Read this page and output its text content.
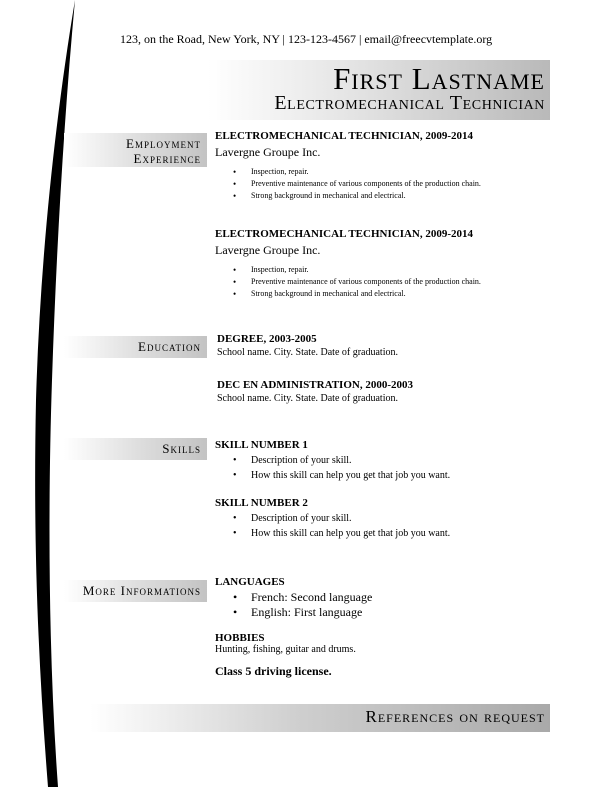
123, on the Road, New York, NY | 123-123-4567 | email@freecvtemplate.org
First Lastname
Electromechanical Technician
Employment
Experience
ELECTROMECHANICAL TECHNICIAN, 2009-2014
Lavergne Groupe Inc.
• Inspection, repair.
• Preventive maintenance of various components of the production chain.
• Strong background in mechanical and electrical.
ELECTROMECHANICAL TECHNICIAN, 2009-2014
Lavergne Groupe Inc.
• Inspection, repair.
• Preventive maintenance of various components of the production chain.
• Strong background in mechanical and electrical.
Education DEGREE, 2003-2005
School name. City. State. Date of graduation.
DEC EN ADMINISTRATION, 2000-2003
School name. City. State. Date of graduation.
Skills SKILL NUMBER 1
• Description of your skill.
• How this skill can help you get that job you want.
SKILL NUMBER 2
• Description of your skill.
• How this skill can help you get that job you want.
More Informations
LANGUAGES
• French: Second language
• English: First language
HOBBIES
Hunting, fishing, guitar and drums.
Class 5 driving license.
References on request
